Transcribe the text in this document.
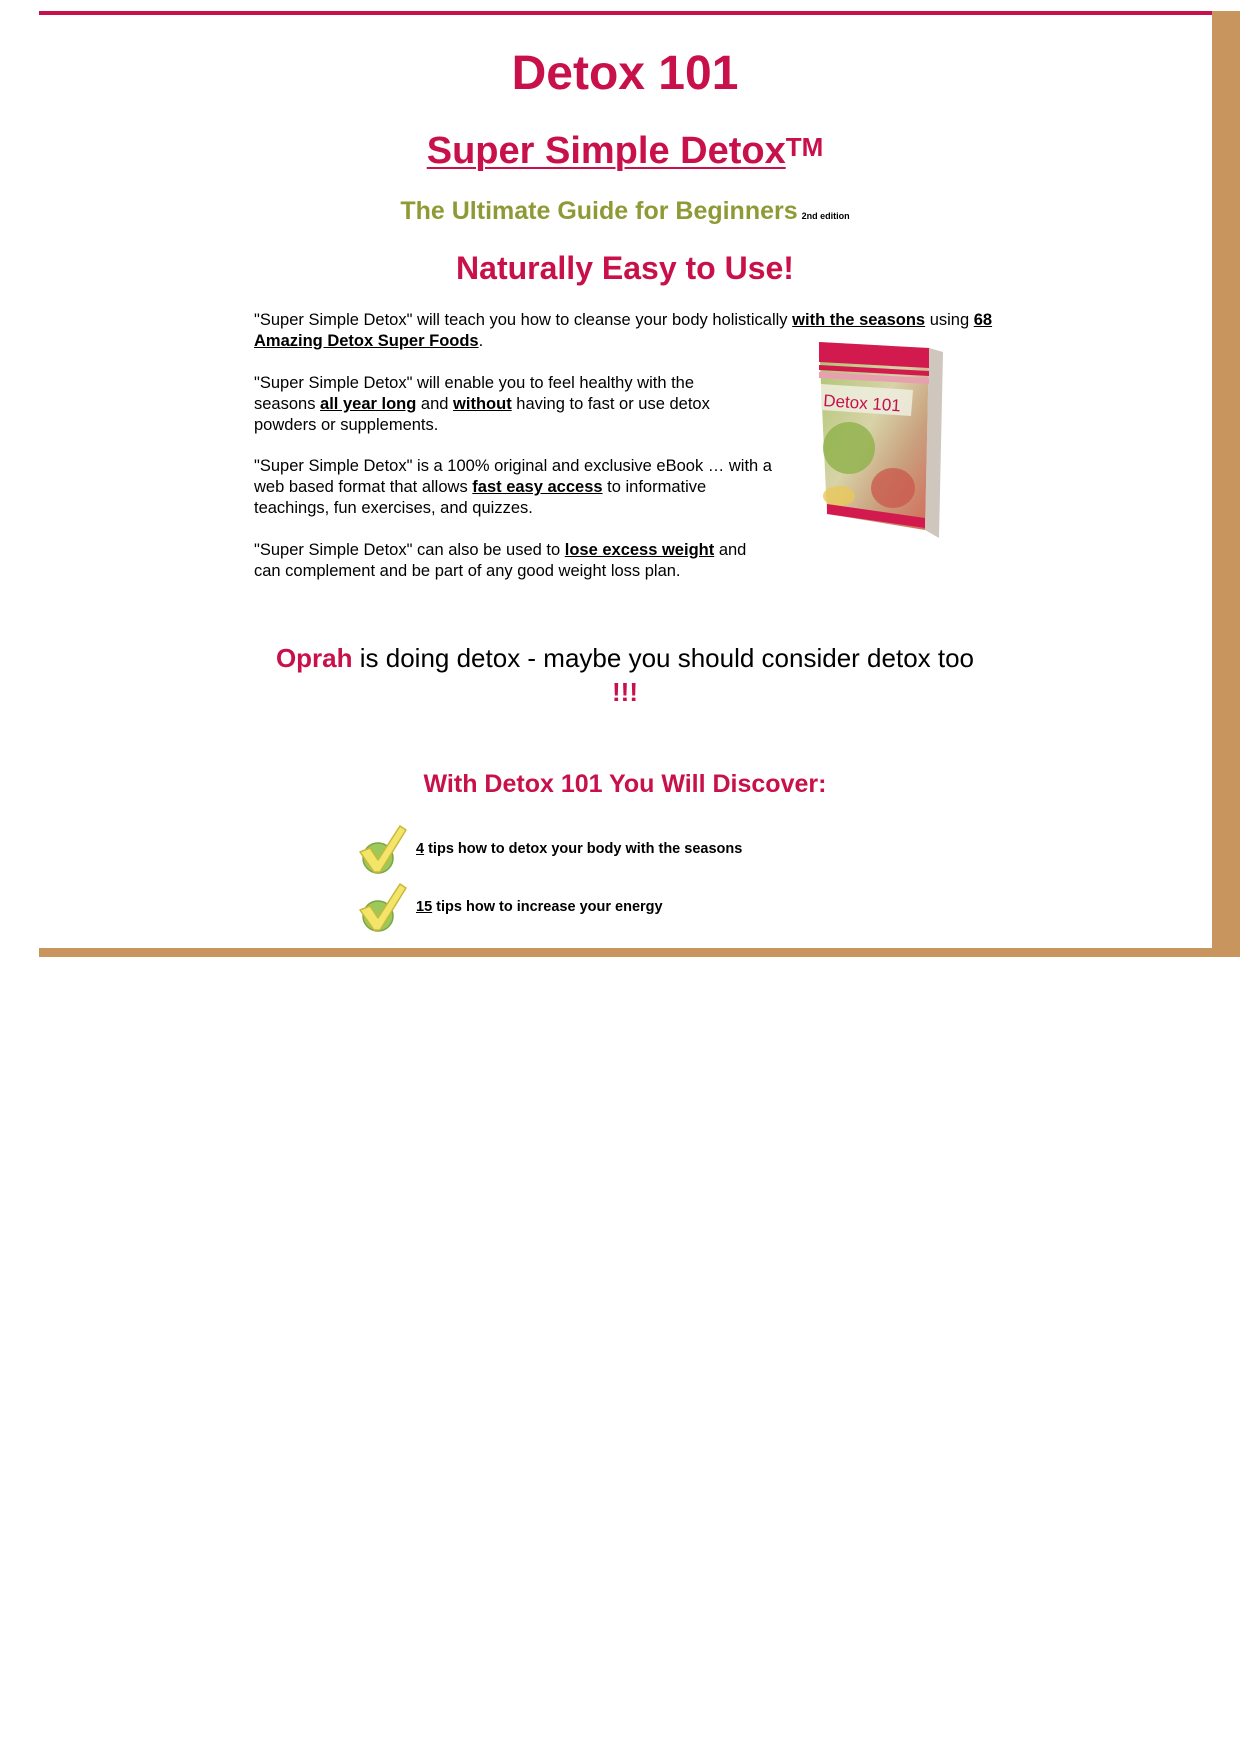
Detox 101
Super Simple Detox™
The Ultimate Guide for Beginners 2nd edition
Naturally Easy to Use!
"Super Simple Detox" will teach you how to cleanse your body holistically with the seasons using 68 Amazing Detox Super Foods.
"Super Simple Detox" will enable you to feel healthy with the seasons all year long and without having to fast or use detox powders or supplements.
"Super Simple Detox" is a 100% original and exclusive eBook … with a web based format that allows fast easy access to informative teachings, fun exercises, and quizzes.
"Super Simple Detox" can also be used to lose excess weight and can complement and be part of any good weight loss plan.
Detox 101
Oprah is doing detox - maybe you should consider detox too !!!
With Detox 101 You Will Discover:
4 tips how to detox your body with the seasons
15 tips how to increase your energy
